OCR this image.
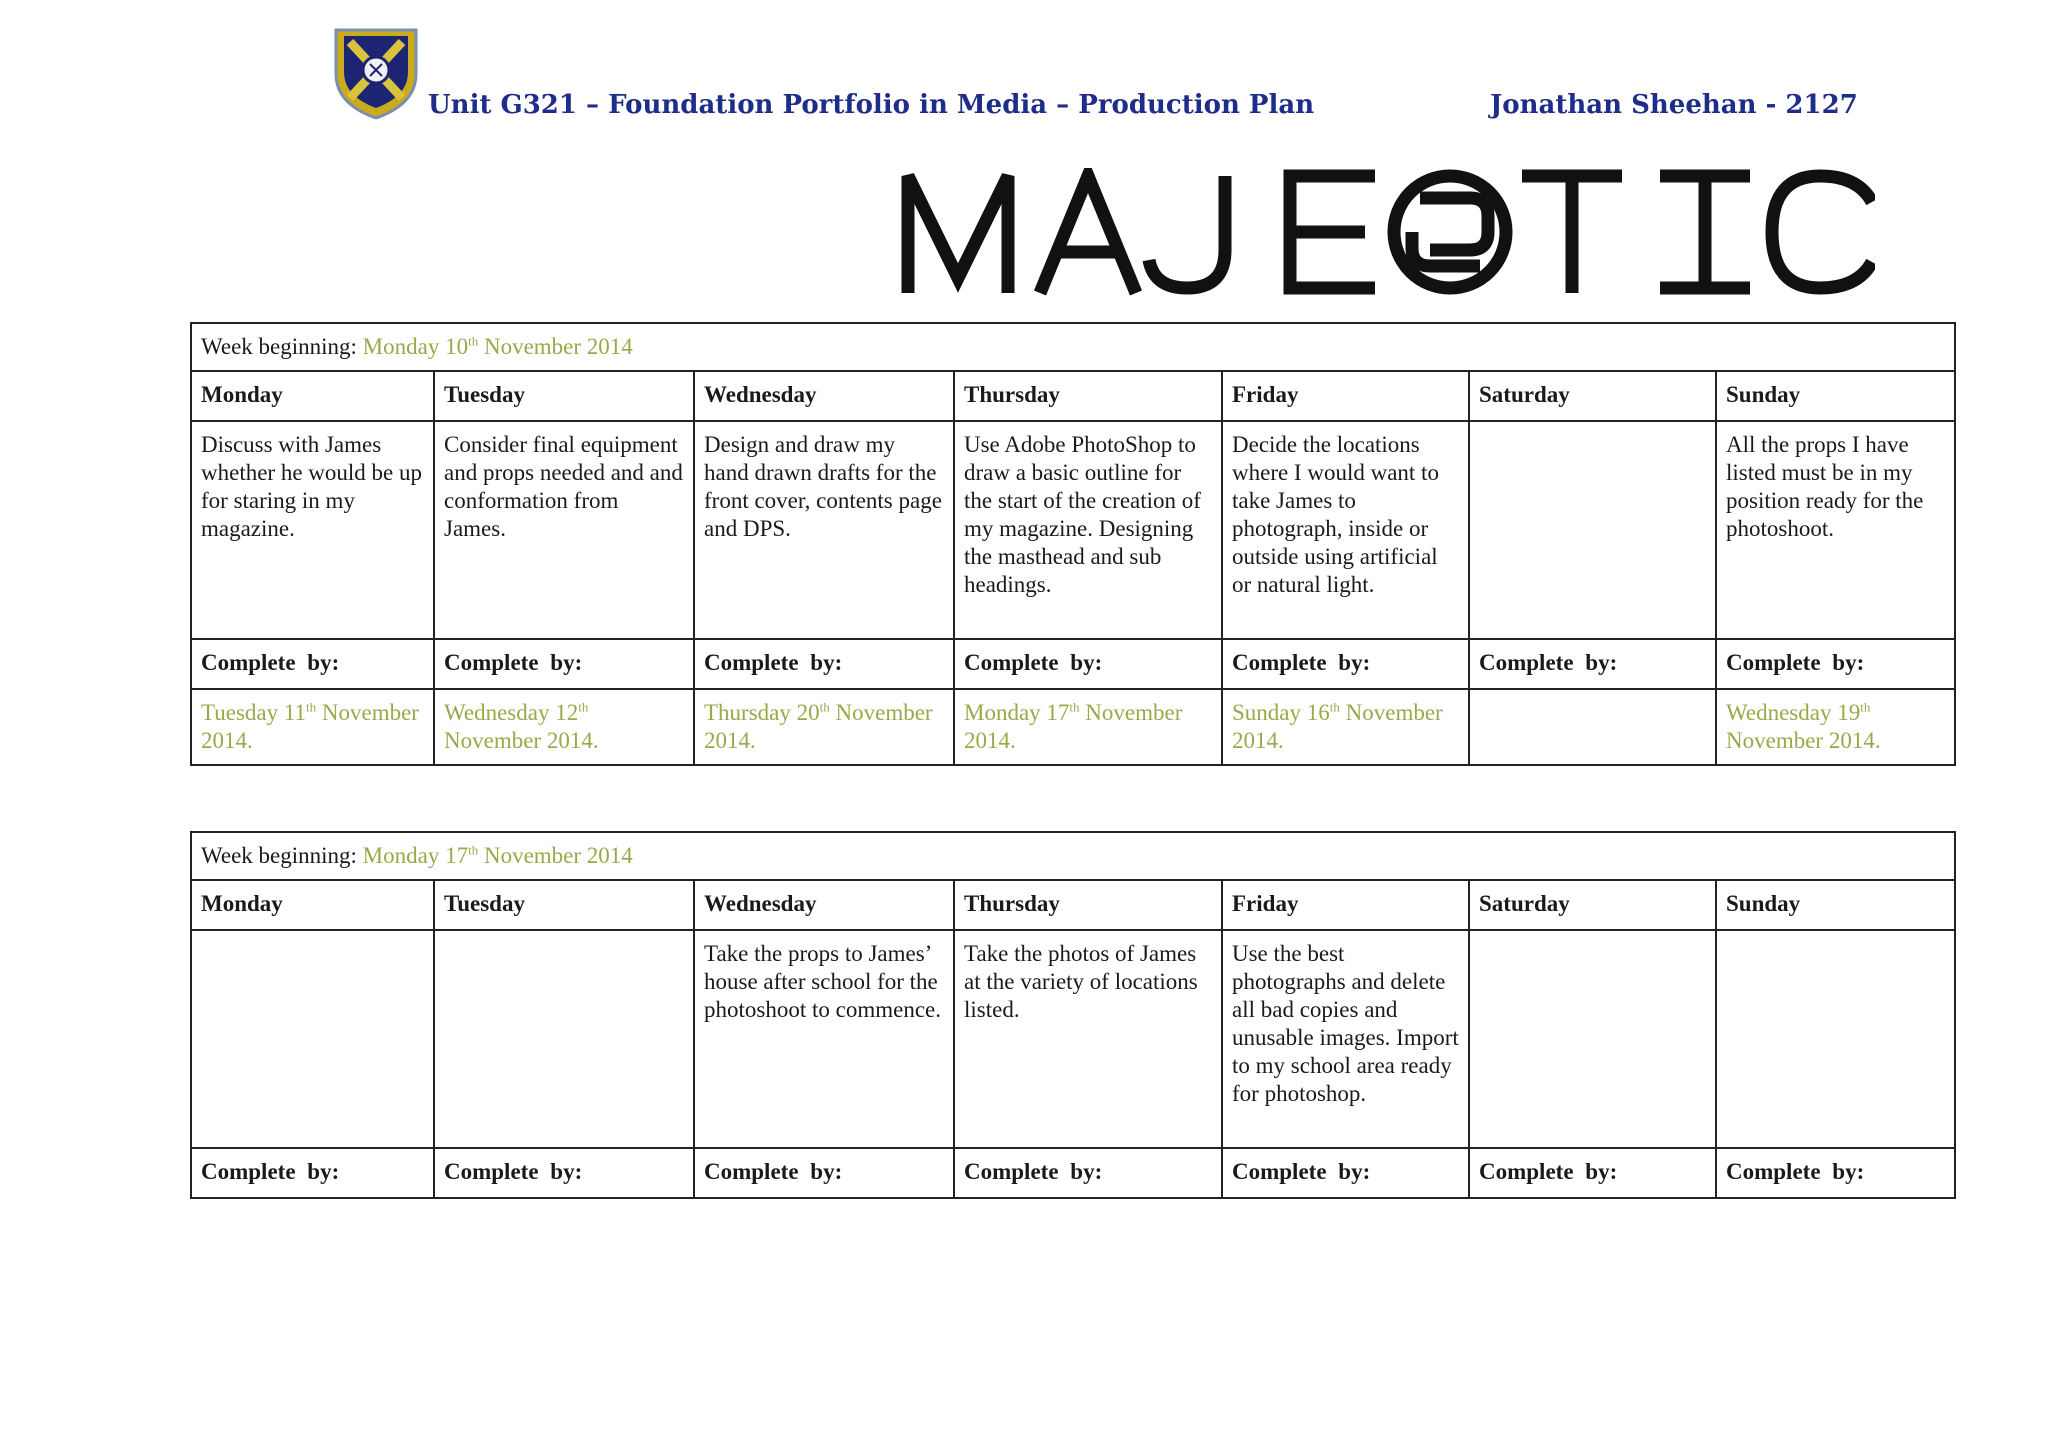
Unit G321 – Foundation Portfolio in Media – Production Plan	Jonathan Sheehan - 2127
Week beginning: Monday 10th November 2014						
Monday	Tuesday	Wednesday	Thursday	Friday	Saturday	Sunday
Discuss with James whether he would be up for staring in my magazine.	Consider final equipment and props needed and and conformation from James.	Design and draw my hand drawn drafts for the front cover, contents page and DPS.	Use Adobe PhotoShop to draw a basic outline for the start of the creation of my magazine. Designing the masthead and sub headings.	Decide the locations where I would want to take James to photograph, inside or outside using artificial or natural light.		All the props I have listed must be in my position ready for the photoshoot.
Complete by:	Complete by:	Complete by:	Complete by:	Complete by:	Complete by:	Complete by:
Tuesday 11th November 2014.	Wednesday 12th November 2014.	Thursday 20th November 2014.	Monday 17th November 2014.	Sunday 16th November 2014.		Wednesday 19th November 2014.
Week beginning: Monday 17th November 2014						
Monday	Tuesday	Wednesday	Thursday	Friday	Saturday	Sunday
		Take the props to James’ house after school for the photoshoot to commence.	Take the photos of James at the variety of locations listed.	Use the best photographs and delete all bad copies and unusable images. Import to my school area ready for photoshop.		
Complete by:	Complete by:	Complete by:	Complete by:	Complete by:	Complete by:	Complete by:
